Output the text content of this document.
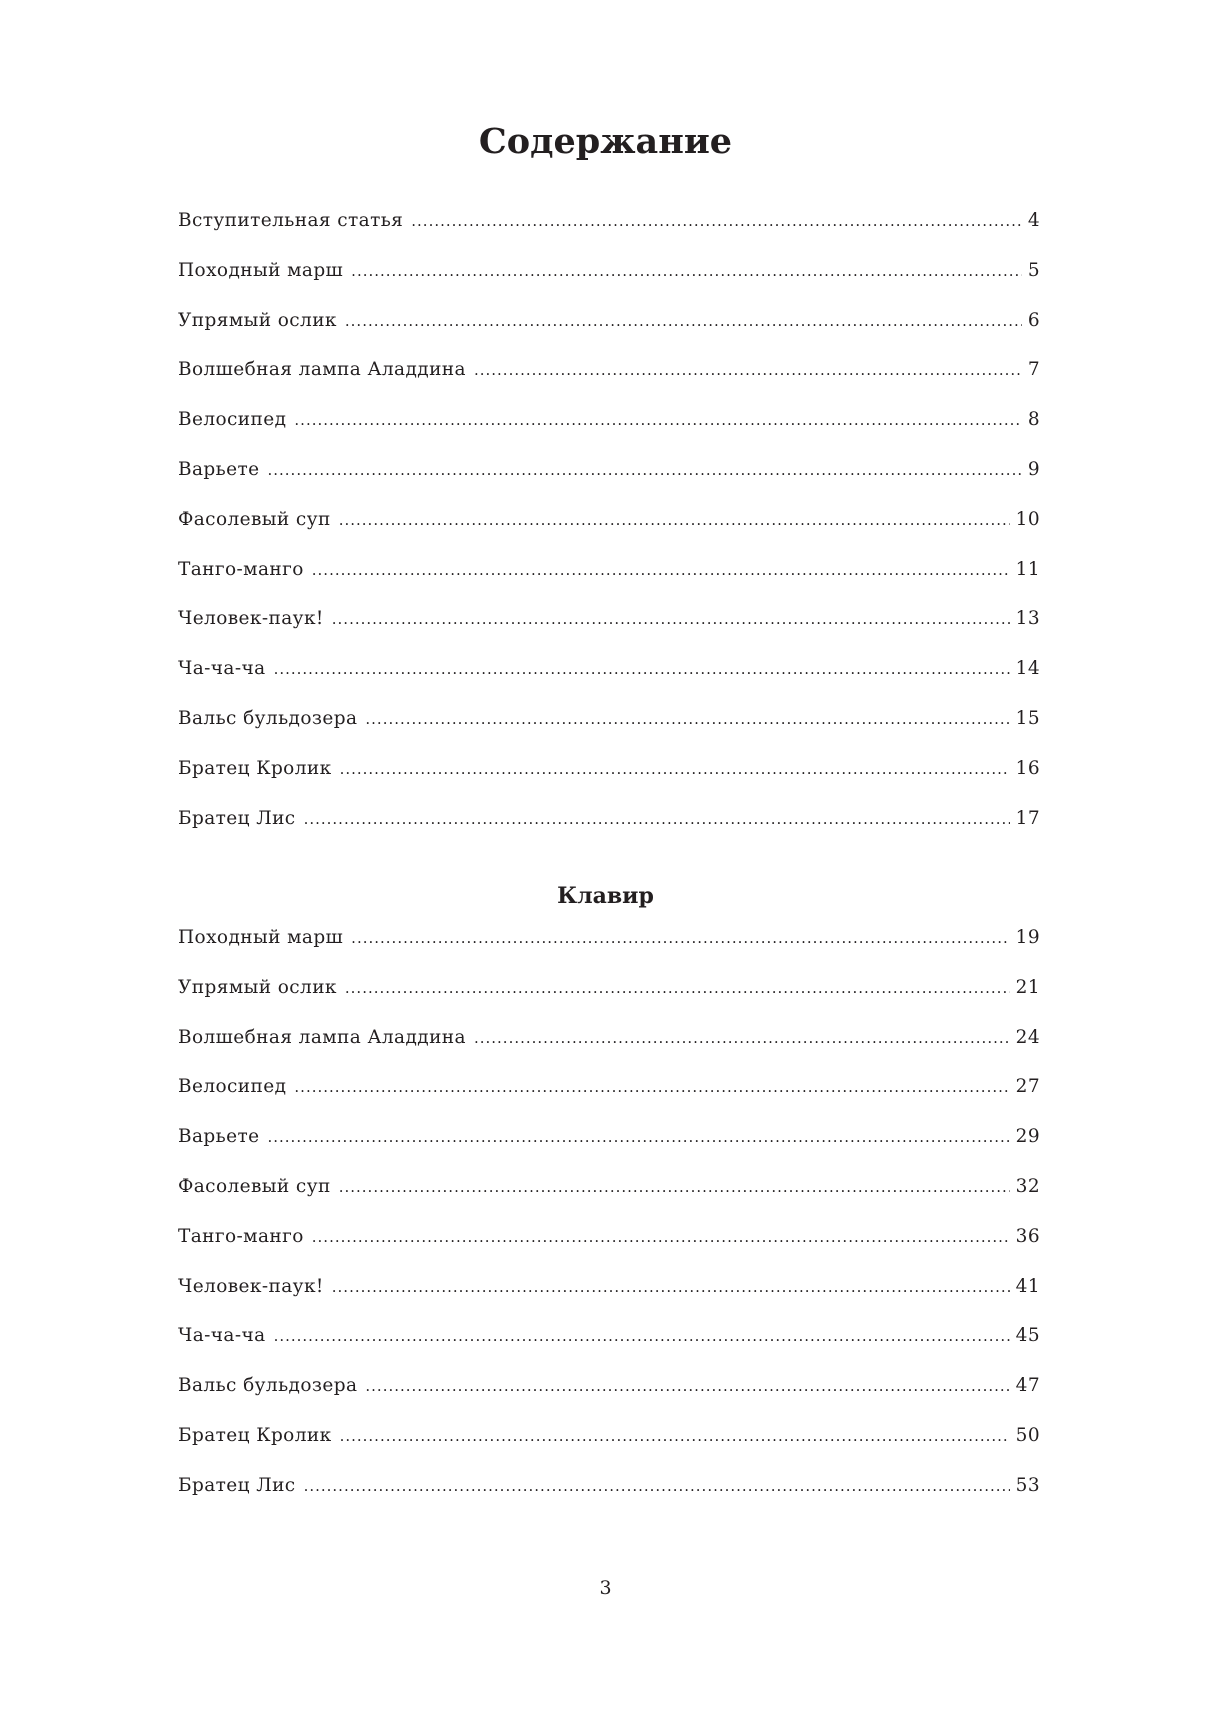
Содержание
Вступительная статья .....	4
Походный марш .....	5
Упрямый ослик .....	6
Волшебная лампа Аладдина .....	7
Велосипед .....	8
Варьете .....	9
Фасолевый суп .....	10
Танго-манго .....	11
Человек-паук! .....	13
Ча-ча-ча .....	14
Вальс бульдозера .....	15
Братец Кролик .....	16
Братец Лис .....	17
Клавир
Походный марш .....	19
Упрямый ослик .....	21
Волшебная лампа Аладдина .....	24
Велосипед .....	27
Варьете .....	29
Фасолевый суп .....	32
Танго-манго .....	36
Человек-паук! .....	41
Ча-ча-ча .....	45
Вальс бульдозера .....	47
Братец Кролик .....	50
Братец Лис .....	53
3
